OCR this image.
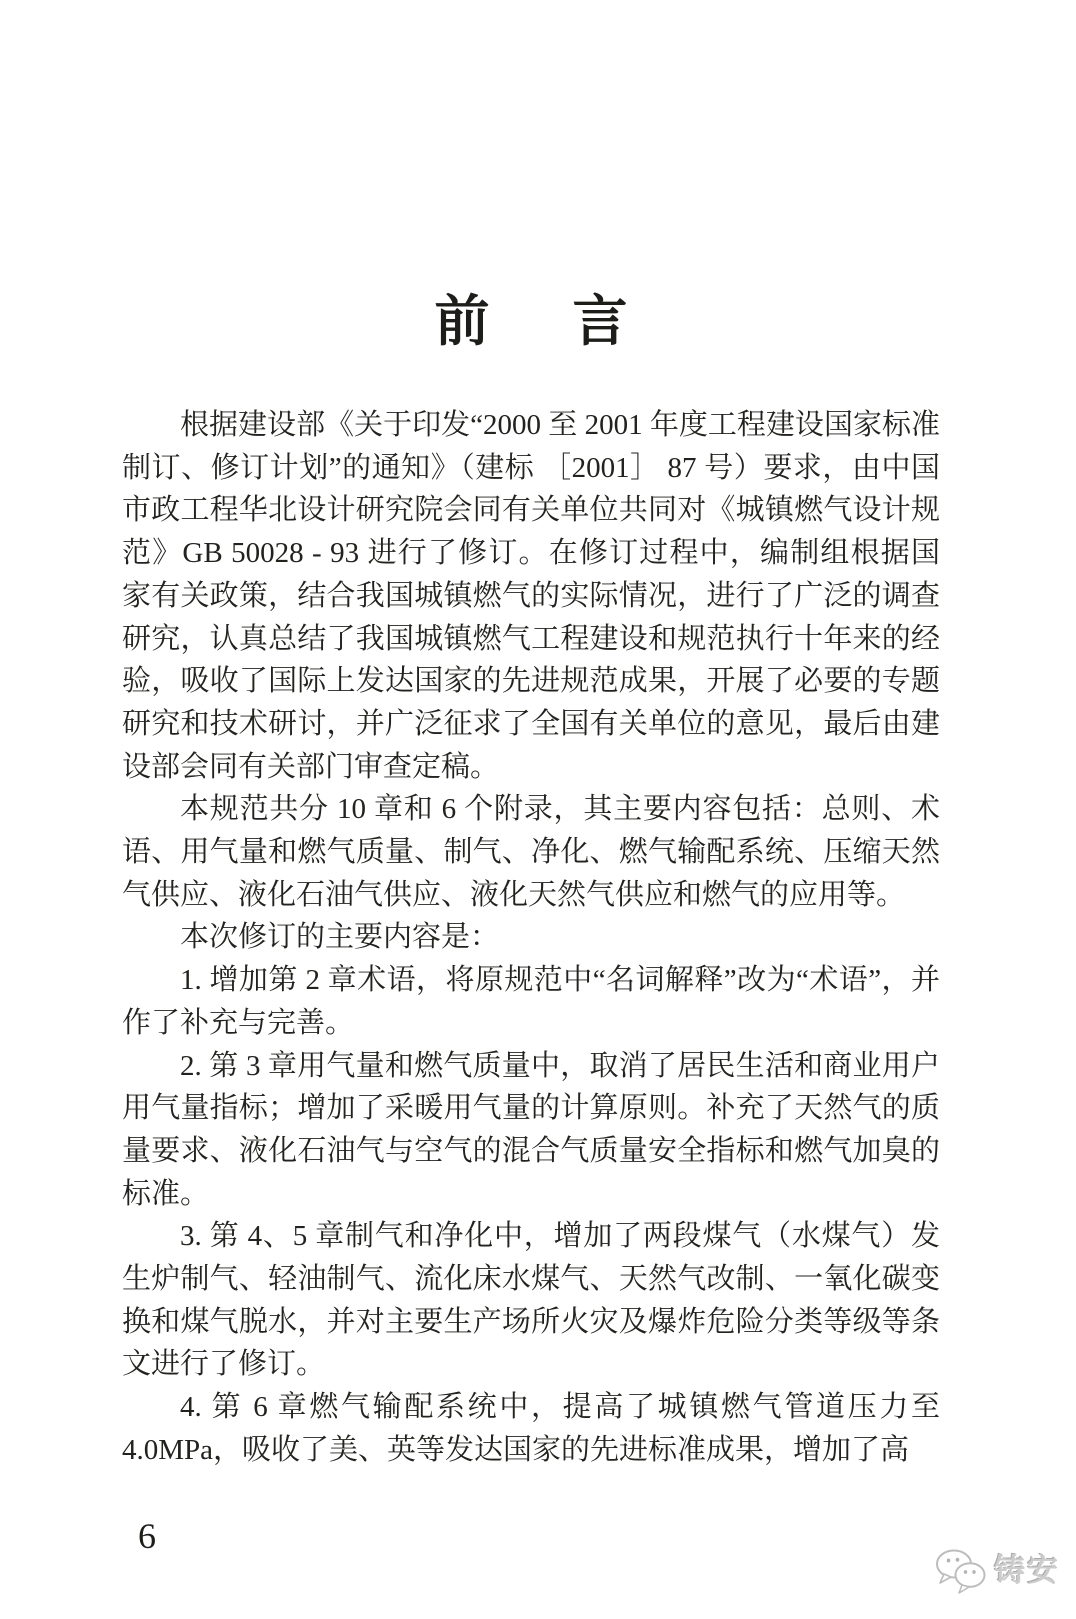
前　言

根据建设部《关于印发“2000 至 2001 年度工程建设国家标准制订、修订计划”的通知》（建标 ［2001］ 87 号）要求，由中国市政工程华北设计研究院会同有关单位共同对《城镇燃气设计规范》GB 50028 - 93 进行了修订。在修订过程中，编制组根据国家有关政策，结合我国城镇燃气的实际情况，进行了广泛的调查研究，认真总结了我国城镇燃气工程建设和规范执行十年来的经验，吸收了国际上发达国家的先进规范成果，开展了必要的专题研究和技术研讨，并广泛征求了全国有关单位的意见，最后由建设部会同有关部门审查定稿。

本规范共分 10 章和 6 个附录，其主要内容包括：总则、术语、用气量和燃气质量、制气、净化、燃气输配系统、压缩天然气供应、液化石油气供应、液化天然气供应和燃气的应用等。

本次修订的主要内容是：

1. 增加第 2 章术语，将原规范中“名词解释”改为“术语”，并作了补充与完善。

2. 第 3 章用气量和燃气质量中，取消了居民生活和商业用户用气量指标；增加了采暖用气量的计算原则。补充了天然气的质量要求、液化石油气与空气的混合气质量安全指标和燃气加臭的标准。

3. 第 4、5 章制气和净化中，增加了两段煤气（水煤气）发生炉制气、轻油制气、流化床水煤气、天然气改制、一氧化碳变换和煤气脱水，并对主要生产场所火灾及爆炸危险分类等级等条文进行了修订。

4. 第 6 章燃气输配系统中，提高了城镇燃气管道压力至4.0MPa，吸收了美、英等发达国家的先进标准成果，增加了高

6
铸安
